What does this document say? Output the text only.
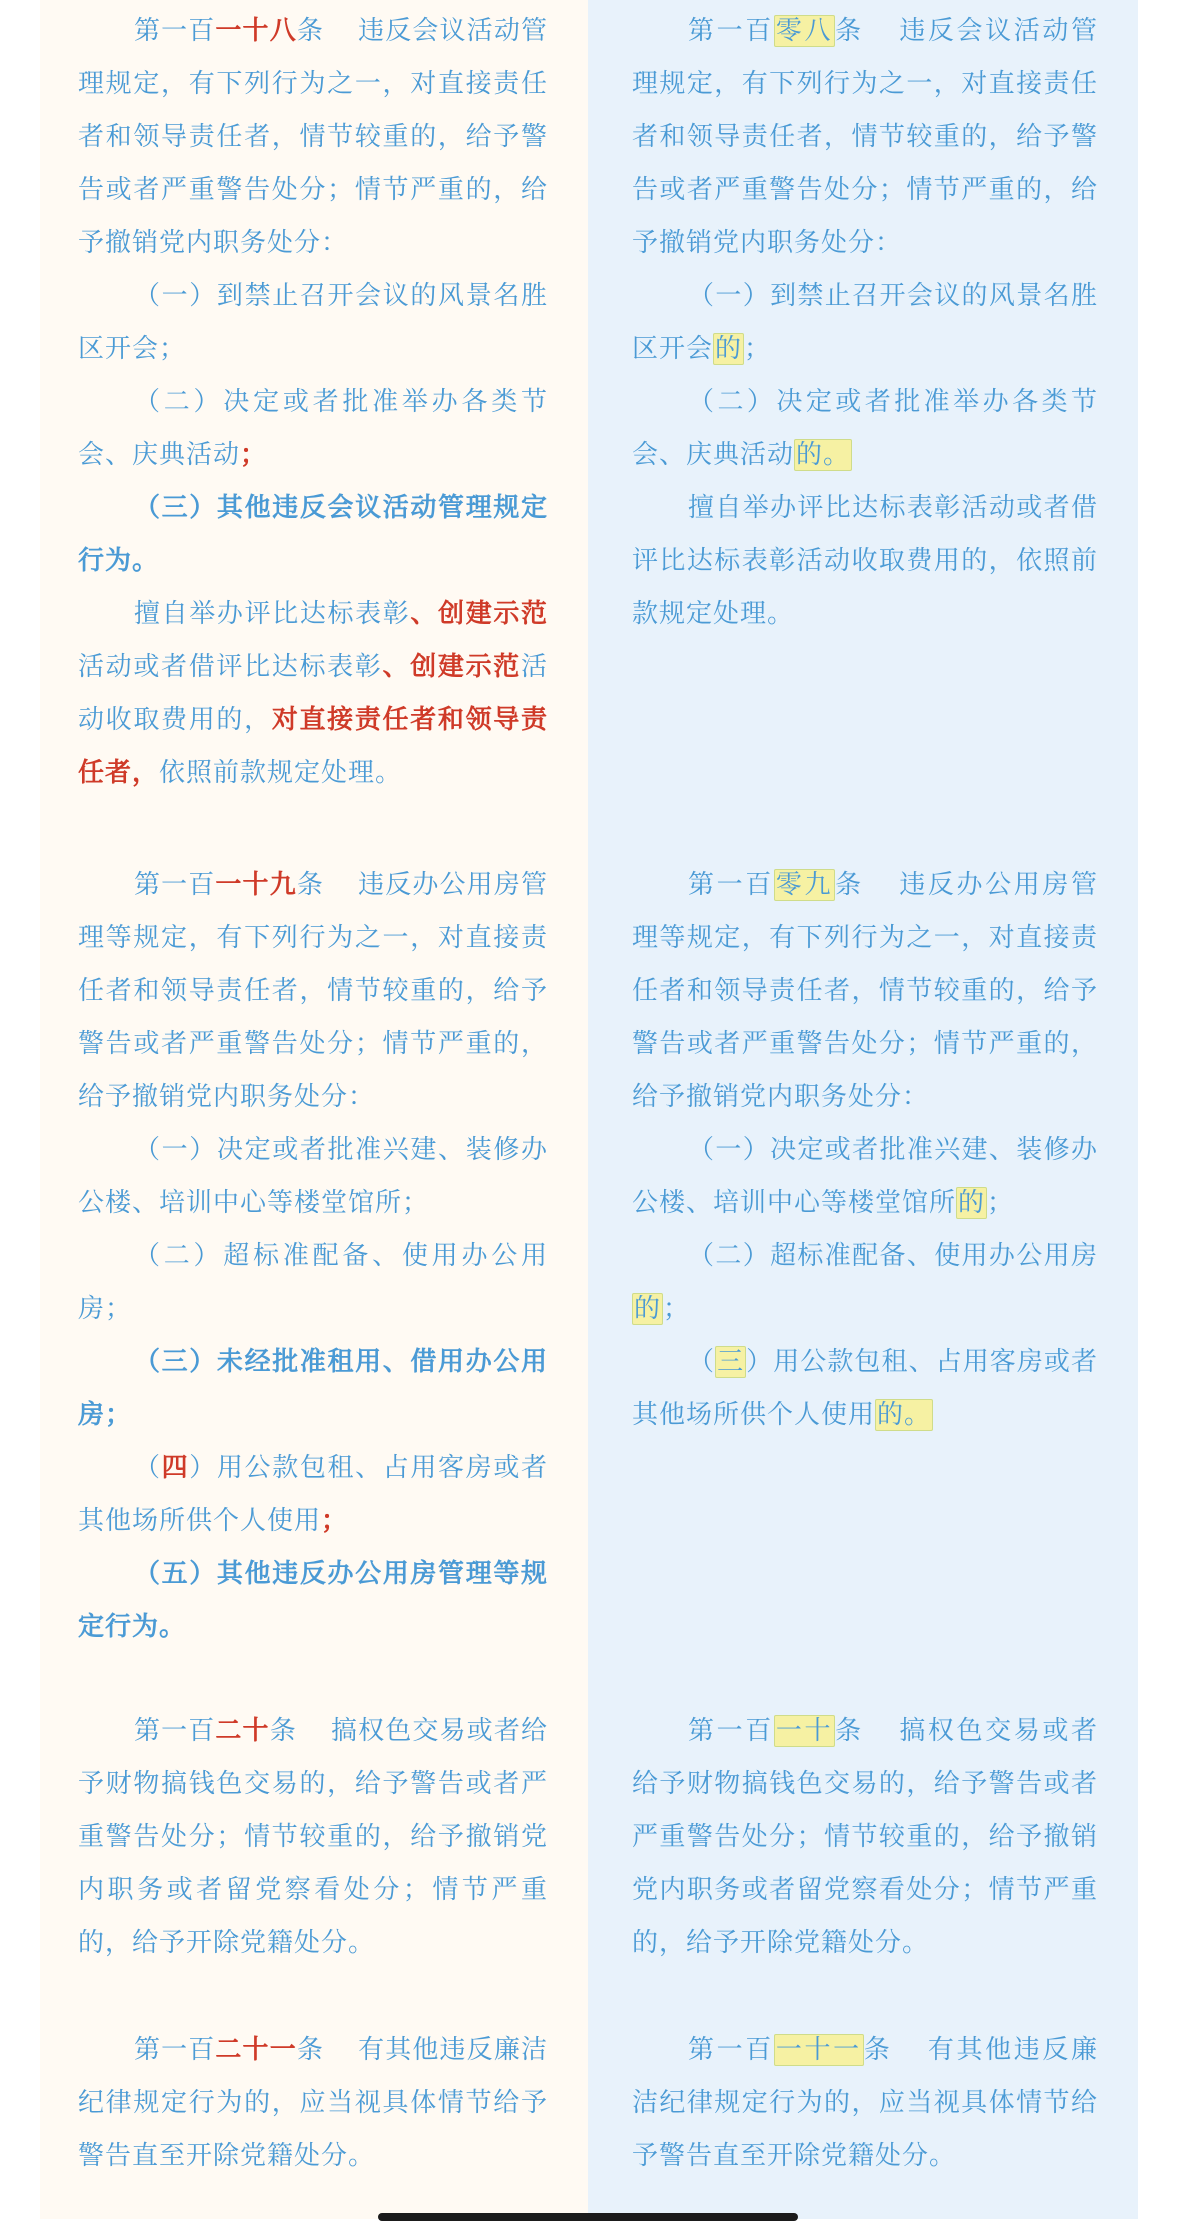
第一百一十八条 违反会议活动管理规定，有下列行为之一，对直接责任者和领导责任者，情节较重的，给予警告或者严重警告处分；情节严重的，给予撤销党内职务处分：

（一）到禁止召开会议的风景名胜区开会；

（二）决定或者批准举办各类节会、庆典活动；

（三）其他违反会议活动管理规定行为。

擅自举办评比达标表彰、创建示范活动或者借评比达标表彰、创建示范活动收取费用的，对直接责任者和领导责任者，依照前款规定处理。

第一百一十九条 违反办公用房管理等规定，有下列行为之一，对直接责任者和领导责任者，情节较重的，给予警告或者严重警告处分；情节严重的，给予撤销党内职务处分：

（一）决定或者批准兴建、装修办公楼、培训中心等楼堂馆所；

（二）超标准配备、使用办公用房；

（三）未经批准租用、借用办公用房；

（四）用公款包租、占用客房或者其他场所供个人使用；

（五）其他违反办公用房管理等规定行为。

第一百二十条 搞权色交易或者给予财物搞钱色交易的，给予警告或者严重警告处分；情节较重的，给予撤销党内职务或者留党察看处分；情节严重的，给予开除党籍处分。

第一百二十一条 有其他违反廉洁纪律规定行为的，应当视具体情节给予警告直至开除党籍处分。

第一百零八条 违反会议活动管理规定，有下列行为之一，对直接责任者和领导责任者，情节较重的，给予警告或者严重警告处分；情节严重的，给予撤销党内职务处分：

（一）到禁止召开会议的风景名胜区开会的；

（二）决定或者批准举办各类节会、庆典活动的。

擅自举办评比达标表彰活动或者借评比达标表彰活动收取费用的，依照前款规定处理。

第一百零九条 违反办公用房管理等规定，有下列行为之一，对直接责任者和领导责任者，情节较重的，给予警告或者严重警告处分；情节严重的，给予撤销党内职务处分：

（一）决定或者批准兴建、装修办公楼、培训中心等楼堂馆所的；

（二）超标准配备、使用办公用房的；

（三）用公款包租、占用客房或者其他场所供个人使用的。

第一百一十条 搞权色交易或者给予财物搞钱色交易的，给予警告或者严重警告处分；情节较重的，给予撤销党内职务或者留党察看处分；情节严重的，给予开除党籍处分。

第一百一十一条 有其他违反廉洁纪律规定行为的，应当视具体情节给予警告直至开除党籍处分。
